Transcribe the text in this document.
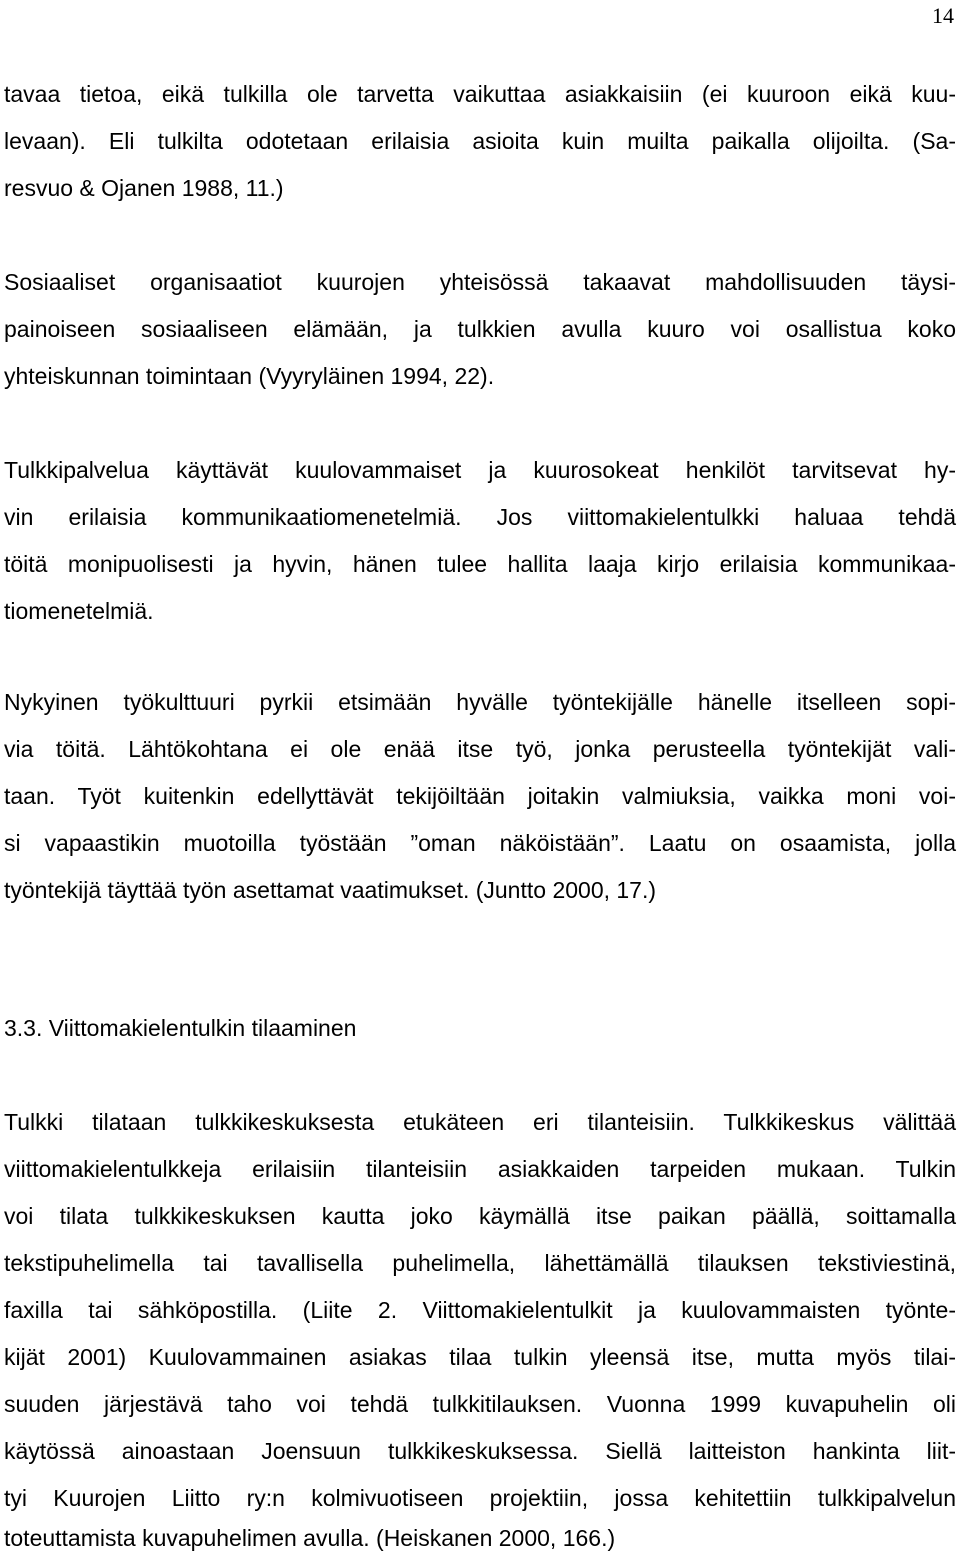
14
tavaa tietoa, eikä tulkilla ole tarvetta vaikuttaa asiakkaisiin (ei kuuroon eikä kuu-
levaan). Eli tulkilta odotetaan erilaisia asioita kuin muilta paikalla olijoilta. (Sa-
resvuo & Ojanen 1988, 11.)
Sosiaaliset organisaatiot kuurojen yhteisössä takaavat mahdollisuuden täysi-
painoiseen sosiaaliseen elämään, ja tulkkien avulla kuuro voi osallistua koko
yhteiskunnan toimintaan (Vyyryläinen 1994, 22).
Tulkkipalvelua käyttävät kuulovammaiset ja kuurosokeat henkilöt tarvitsevat hy-
vin erilaisia kommunikaatiomenetelmiä. Jos viittomakielentulkki haluaa tehdä
töitä monipuolisesti ja hyvin, hänen tulee hallita laaja kirjo erilaisia kommunikaa-
tiomenetelmiä.
Nykyinen työkulttuuri pyrkii etsimään hyvälle työntekijälle hänelle itselleen sopi-
via töitä. Lähtökohtana ei ole enää itse työ, jonka perusteella työntekijät vali-
taan. Työt kuitenkin edellyttävät tekijöiltään joitakin valmiuksia, vaikka moni voi-
si vapaastikin muotoilla työstään ”oman näköistään”. Laatu on osaamista, jolla
työntekijä täyttää työn asettamat vaatimukset. (Juntto 2000, 17.)
3.3. Viittomakielentulkin tilaaminen
Tulkki tilataan tulkkikeskuksesta etukäteen eri tilanteisiin. Tulkkikeskus välittää
viittomakielentulkkeja erilaisiin tilanteisiin asiakkaiden tarpeiden mukaan. Tulkin
voi tilata tulkkikeskuksen kautta joko käymällä itse paikan päällä, soittamalla
tekstipuhelimella tai tavallisella puhelimella, lähettämällä tilauksen tekstiviestinä,
faxilla tai sähköpostilla. (Liite 2. Viittomakielentulkit ja kuulovammaisten työnte-
kijät 2001) Kuulovammainen asiakas tilaa tulkin yleensä itse, mutta myös tilai-
suuden järjestävä taho voi tehdä tulkkitilauksen. Vuonna 1999 kuvapuhelin oli
käytössä ainoastaan Joensuun tulkkikeskuksessa. Siellä laitteiston hankinta liit-
tyi Kuurojen Liitto ry:n kolmivuotiseen projektiin, jossa kehitettiin tulkkipalvelun
toteuttamista kuvapuhelimen avulla. (Heiskanen 2000, 166.)
